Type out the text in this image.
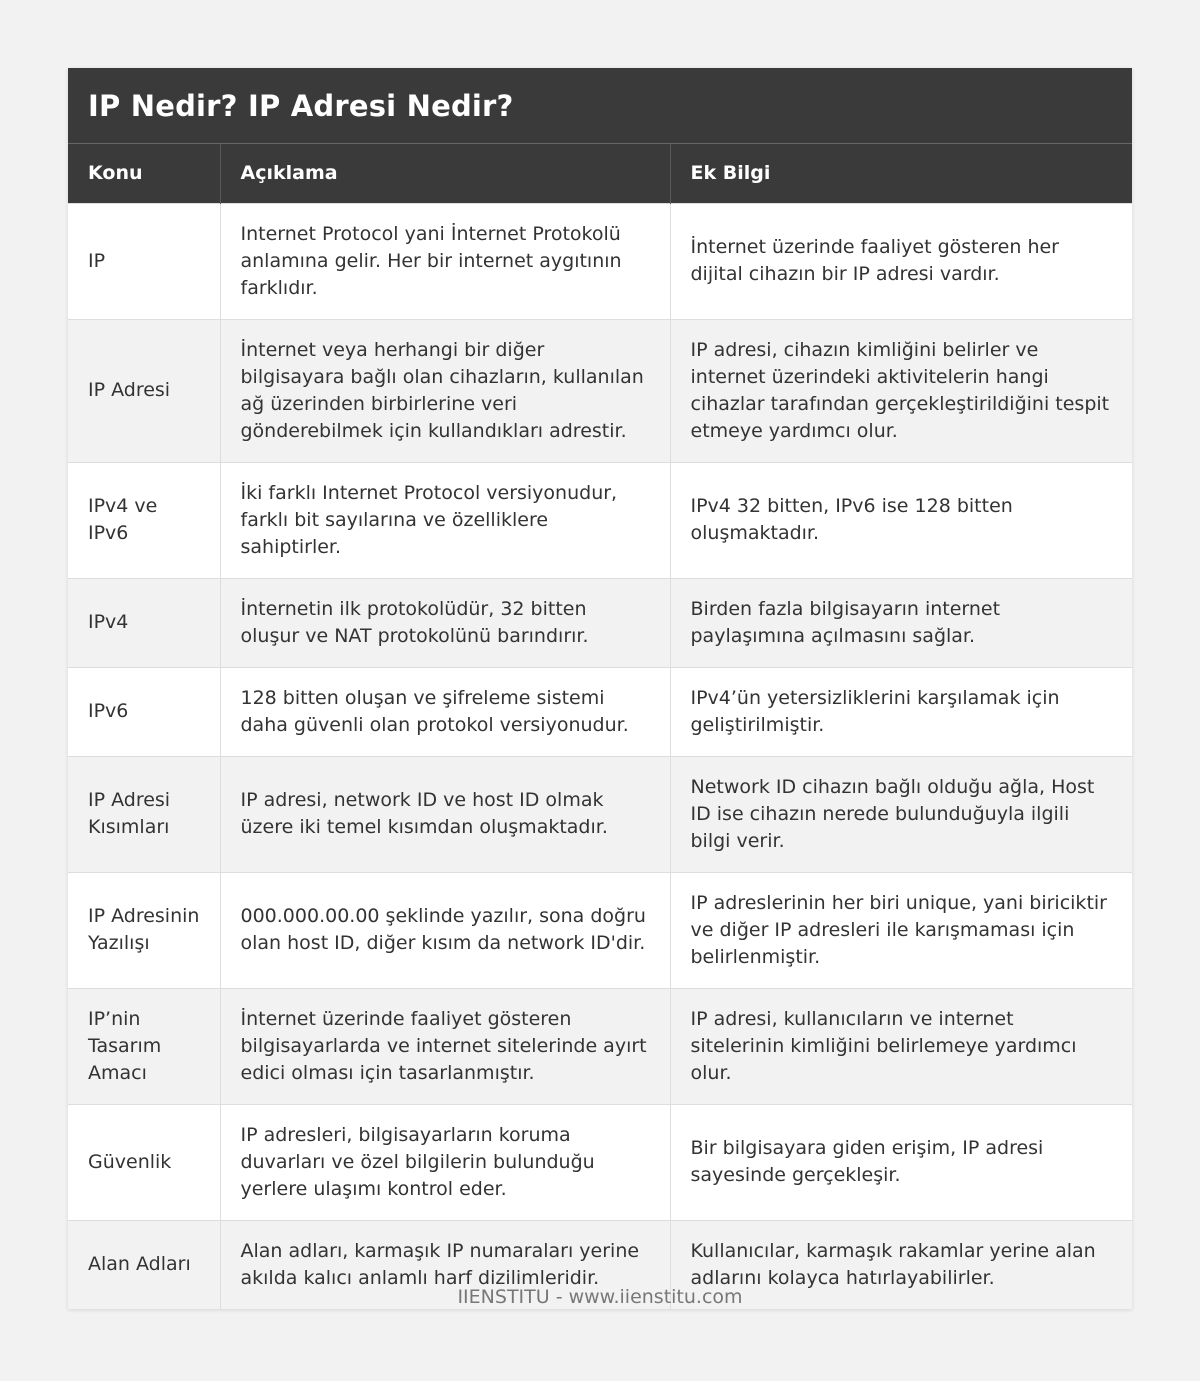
IP Nedir? IP Adresi Nedir?
Konu	Açıklama	Ek Bilgi
IP	Internet Protocol yani İnternet Protokolü anlamına gelir. Her bir internet aygıtının farklıdır.	İnternet üzerinde faaliyet gösteren her dijital cihazın bir IP adresi vardır.
IP Adresi	İnternet veya herhangi bir diğer bilgisayara bağlı olan cihazların, kullanılan ağ üzerinden birbirlerine veri gönderebilmek için kullandıkları adrestir.	IP adresi, cihazın kimliğini belirler ve internet üzerindeki aktivitelerin hangi cihazlar tarafından gerçekleştirildiğini tespit etmeye yardımcı olur.
IPv4 ve IPv6	İki farklı Internet Protocol versiyonudur, farklı bit sayılarına ve özelliklere sahiptirler.	IPv4 32 bitten, IPv6 ise 128 bitten oluşmaktadır.
IPv4	İnternetin ilk protokolüdür, 32 bitten oluşur ve NAT protokolünü barındırır.	Birden fazla bilgisayarın internet paylaşımına açılmasını sağlar.
IPv6	128 bitten oluşan ve şifreleme sistemi daha güvenli olan protokol versiyonudur.	IPv4’ün yetersizliklerini karşılamak için geliştirilmiştir.
IP Adresi Kısımları	IP adresi, network ID ve host ID olmak üzere iki temel kısımdan oluşmaktadır.	Network ID cihazın bağlı olduğu ağla, Host ID ise cihazın nerede bulunduğuyla ilgili bilgi verir.
IP Adresinin Yazılışı	000.000.00.00 şeklinde yazılır, sona doğru olan host ID, diğer kısım da network ID'dir.	IP adreslerinin her biri unique, yani biriciktir ve diğer IP adresleri ile karışmaması için belirlenmiştir.
IP’nin Tasarım Amacı	İnternet üzerinde faaliyet gösteren bilgisayarlarda ve internet sitelerinde ayırt edici olması için tasarlanmıştır.	IP adresi, kullanıcıların ve internet sitelerinin kimliğini belirlemeye yardımcı olur.
Güvenlik	IP adresleri, bilgisayarların koruma duvarları ve özel bilgilerin bulunduğu yerlere ulaşımı kontrol eder.	Bir bilgisayara giden erişim, IP adresi sayesinde gerçekleşir.
Alan Adları	Alan adları, karmaşık IP numaraları yerine akılda kalıcı anlamlı harf dizilimleridir.	Kullanıcılar, karmaşık rakamlar yerine alan adlarını kolayca hatırlayabilirler.
IIENSTITU - www.iienstitu.com
